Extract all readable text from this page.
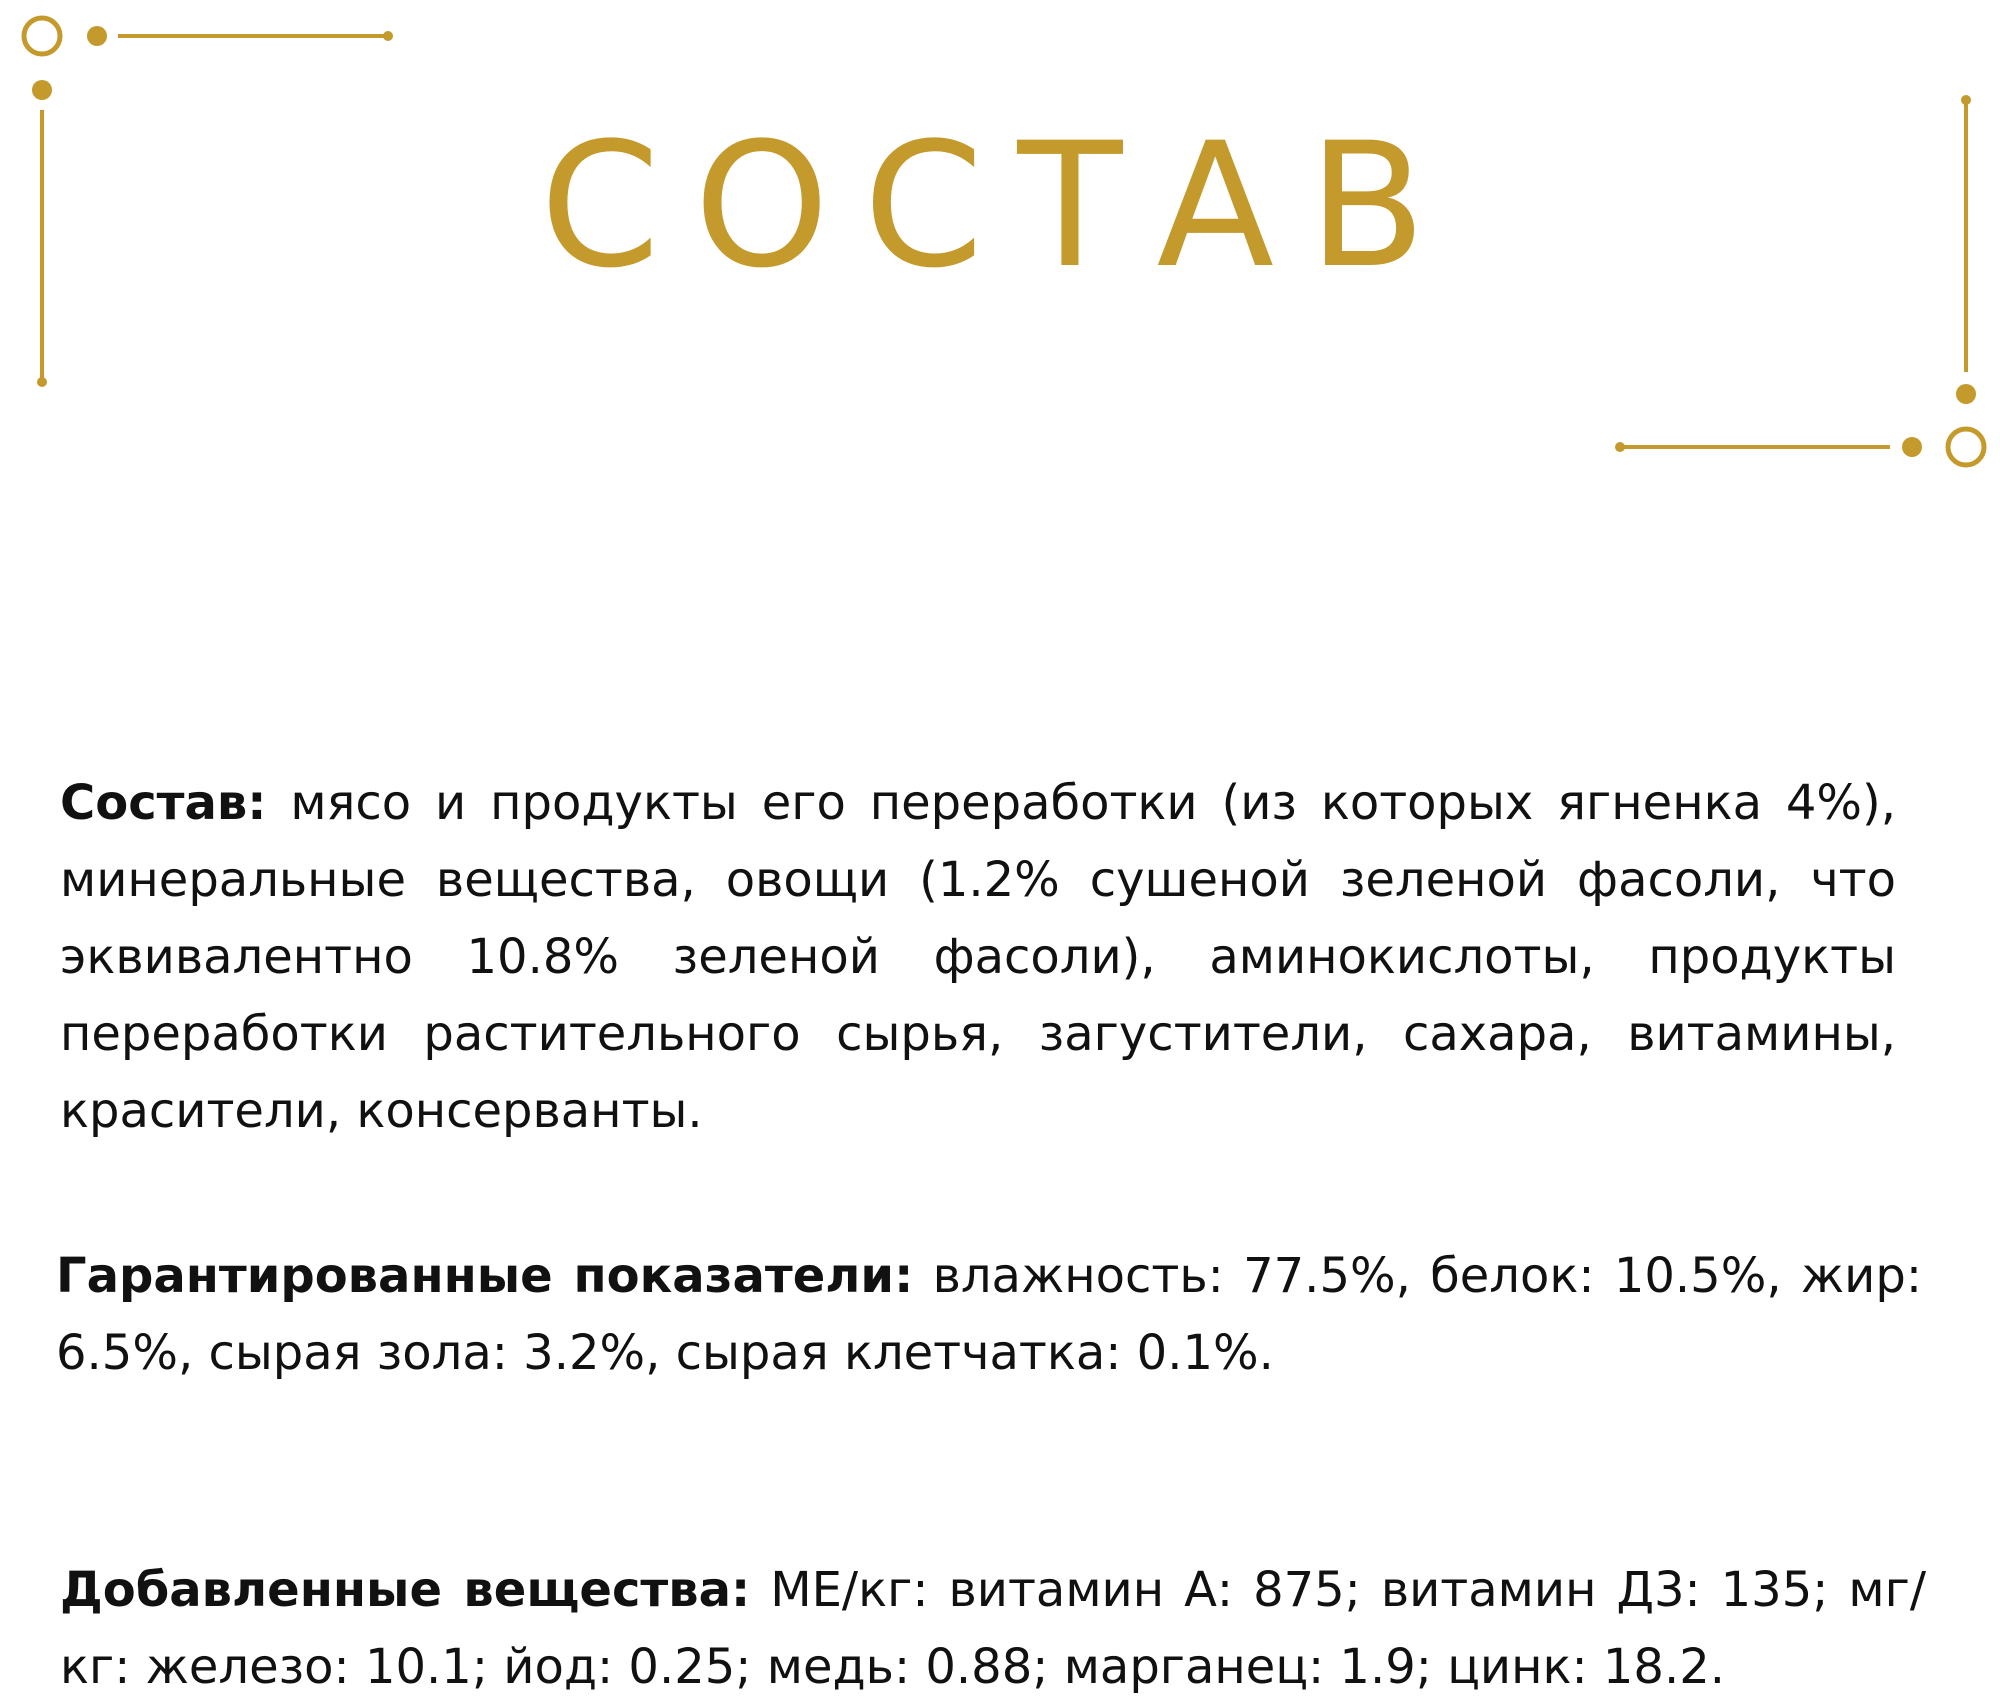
СОСТАВ

Состав: мясо и продукты его переработки (из которых ягненка 4%), минеральные вещества, овощи (1.2% сушеной зеленой фасоли, что эквивалентно 10.8% зеленой фасоли), аминокислоты, продукты переработки растительного сырья, загустители, сахара, витамины, красители, консерванты.

Гарантированные показатели: влажность: 77.5%, белок: 10.5%, жир: 6.5%, сырая зола: 3.2%, сырая клетчатка: 0.1%.

Добавленные вещества: МЕ/кг: витамин А: 875; витамин Д3: 135; мг/кг: железо: 10.1; йод: 0.25; медь: 0.88; марганец: 1.9; цинк: 18.2.
